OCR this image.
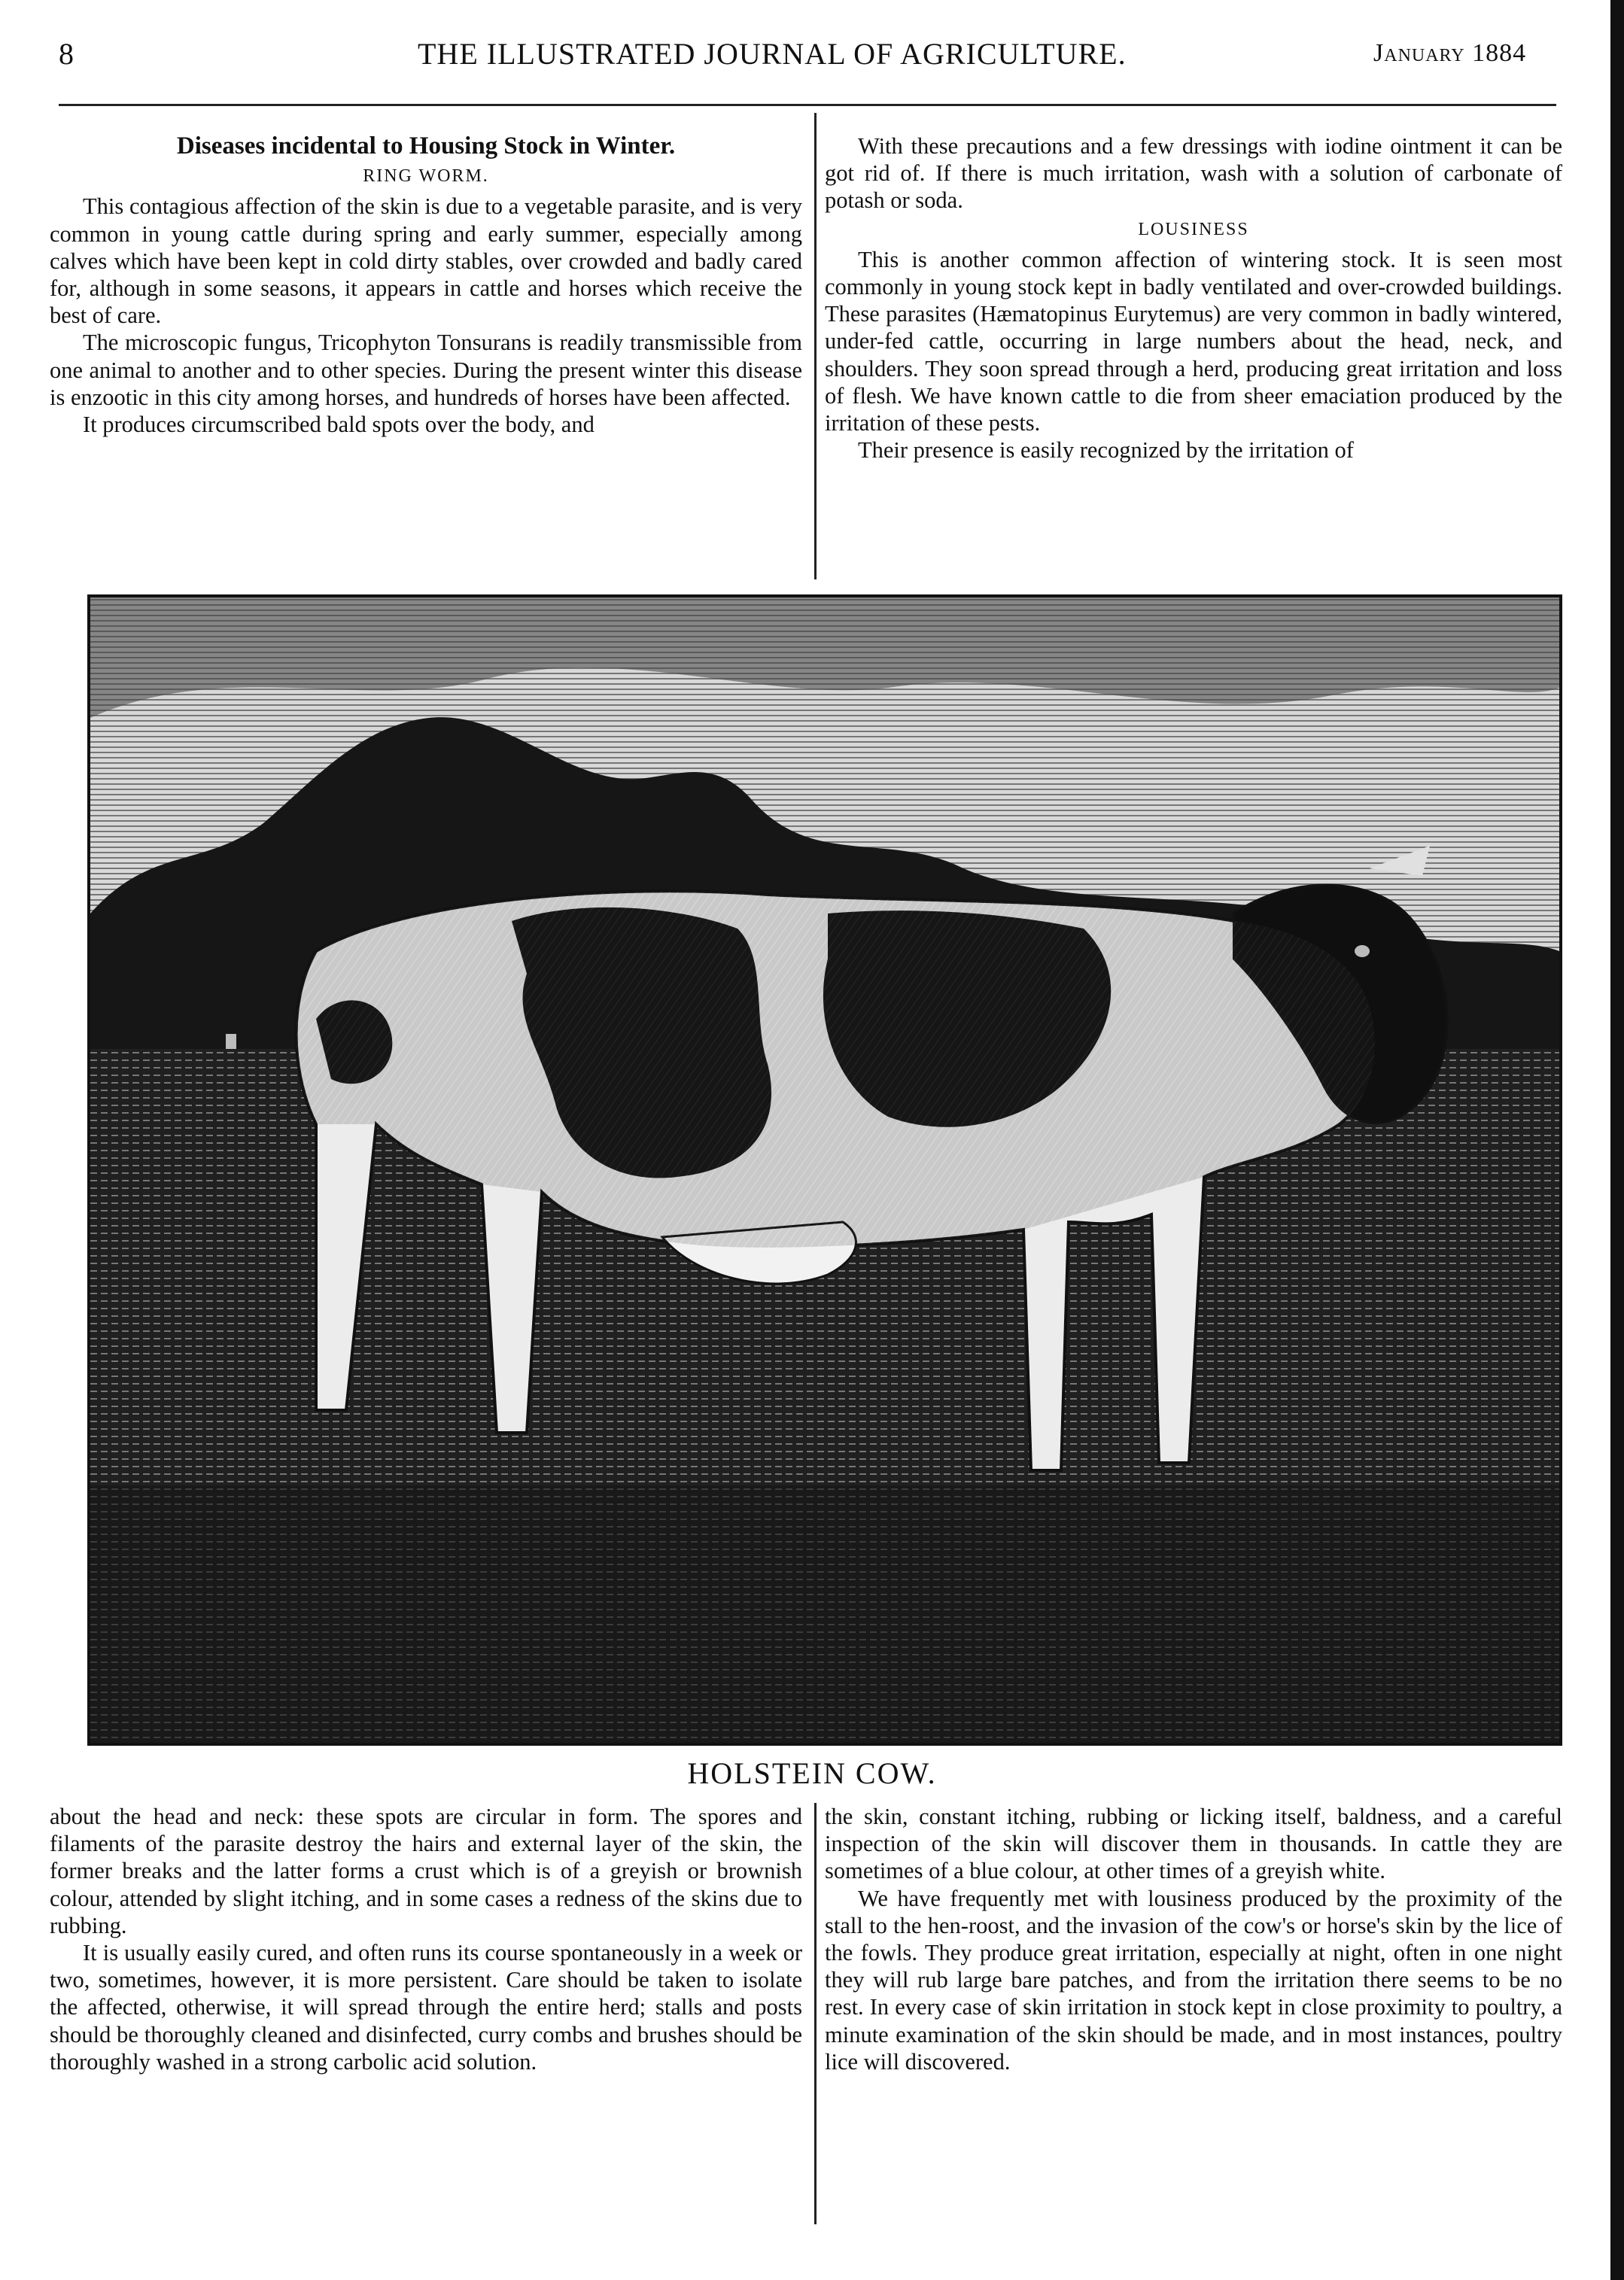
8	THE ILLUSTRATED JOURNAL OF AGRICULTURE.	January 1884
Diseases incidental to Housing Stock in Winter.
RING WORM.

This contagious affection of the skin is due to a vegetable parasite, and is very common in young cattle during spring and early summer, especially among calves which have been kept in cold dirty stables, over crowded and badly cared for, although in some seasons, it appears in cattle and horses which receive the best of care.

The microscopic fungus, Tricophyton Tonsurans is readily transmissible from one animal to another and to other species. During the present winter this disease is enzootic in this city among horses, and hundreds of horses have been affected.

It produces circumscribed bald spots over the body, and

With these precautions and a few dressings with iodine ointment it can be got rid of. If there is much irritation, wash with a solution of carbonate of potash or soda.

LOUSINESS

This is another common affection of wintering stock. It is seen most commonly in young stock kept in badly ventilated and over-crowded buildings. These parasites (Hæmatopinus Eurytemus) are very common in badly wintered, under-fed cattle, occurring in large numbers about the head, neck, and shoulders. They soon spread through a herd, producing great irritation and loss of flesh. We have known cattle to die from sheer emaciation produced by the irritation of these pests.

Their presence is easily recognized by the irritation of

HOLSTEIN COW.

about the head and neck: these spots are circular in form. The spores and filaments of the parasite destroy the hairs and external layer of the skin, the former breaks and the latter forms a crust which is of a greyish or brownish colour, attended by slight itching, and in some cases a redness of the skins due to rubbing.

It is usually easily cured, and often runs its course spontaneously in a week or two, sometimes, however, it is more persistent. Care should be taken to isolate the affected, otherwise, it will spread through the entire herd; stalls and posts should be thoroughly cleaned and disinfected, curry combs and brushes should be thoroughly washed in a strong carbolic acid solution.

the skin, constant itching, rubbing or licking itself, baldness, and a careful inspection of the skin will discover them in thousands. In cattle they are sometimes of a blue colour, at other times of a greyish white.

We have frequently met with lousiness produced by the proximity of the stall to the hen-roost, and the invasion of the cow's or horse's skin by the lice of the fowls. They produce great irritation, especially at night, often in one night they will rub large bare patches, and from the irritation there seems to be no rest. In every case of skin irritation in stock kept in close proximity to poultry, a minute examination of the skin should be made, and in most instances, poultry lice will discovered.
